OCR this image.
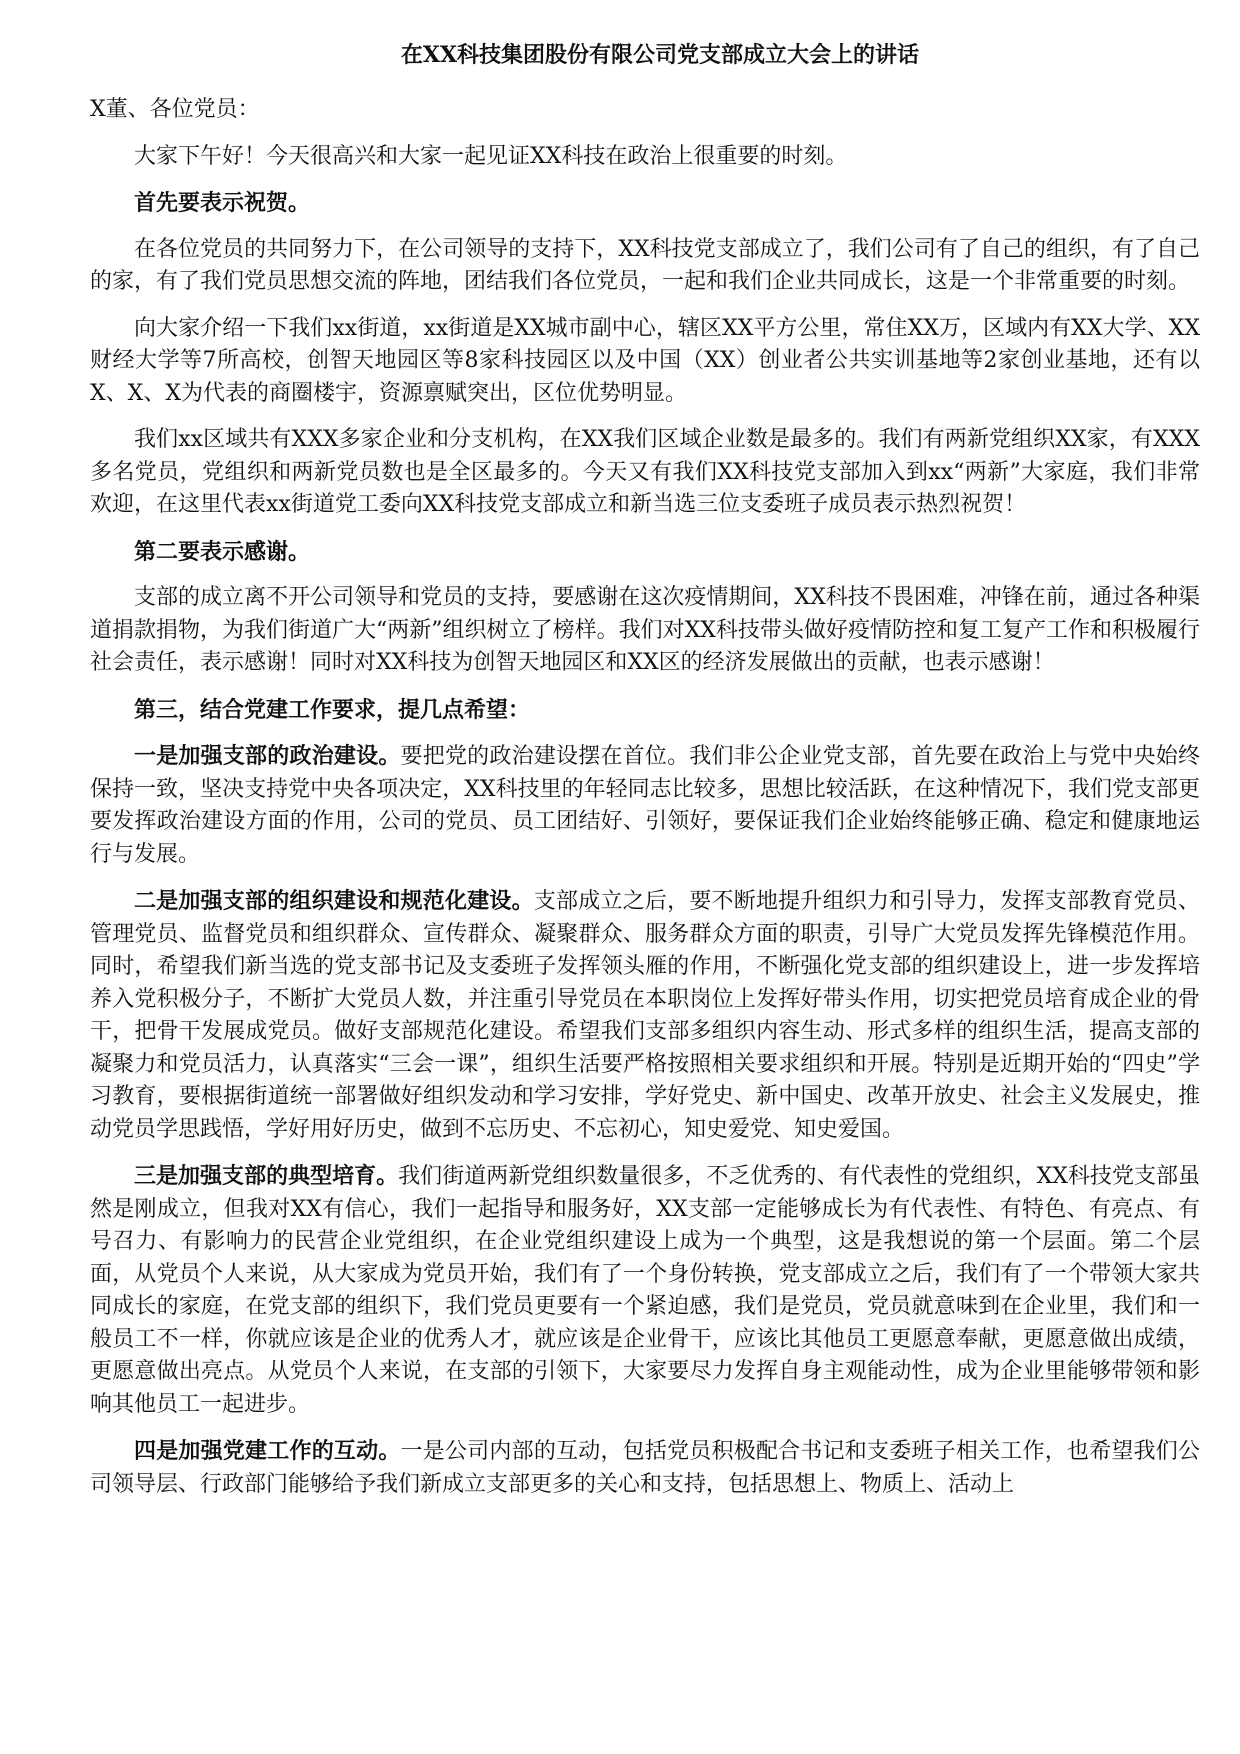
在XX科技集团股份有限公司党支部成立大会上的讲话
X董、各位党员：
大家下午好！今天很高兴和大家一起见证XX科技在政治上很重要的时刻。
首先要表示祝贺。
在各位党员的共同努力下，在公司领导的支持下，XX科技党支部成立了，我们公司有了自己的组织，有了自己的家，有了我们党员思想交流的阵地，团结我们各位党员，一起和我们企业共同成长，这是一个非常重要的时刻。
向大家介绍一下我们xx街道，xx街道是XX城市副中心，辖区XX平方公里，常住XX万，区域内有XX大学、XX财经大学等7所高校，创智天地园区等8家科技园区以及中国（XX）创业者公共实训基地等2家创业基地，还有以X、X、X为代表的商圈楼宇，资源禀赋突出，区位优势明显。
我们xx区域共有XXX多家企业和分支机构，在XX我们区域企业数是最多的。我们有两新党组织XX家，有XXX多名党员，党组织和两新党员数也是全区最多的。今天又有我们XX科技党支部加入到xx“两新”大家庭，我们非常欢迎，在这里代表xx街道党工委向XX科技党支部成立和新当选三位支委班子成员表示热烈祝贺！
第二要表示感谢。
支部的成立离不开公司领导和党员的支持，要感谢在这次疫情期间，XX科技不畏困难，冲锋在前，通过各种渠道捐款捐物，为我们街道广大“两新”组织树立了榜样。我们对XX科技带头做好疫情防控和复工复产工作和积极履行社会责任，表示感谢！同时对XX科技为创智天地园区和XX区的经济发展做出的贡献，也表示感谢！
第三，结合党建工作要求，提几点希望：
一是加强支部的政治建设。要把党的政治建设摆在首位。我们非公企业党支部，首先要在政治上与党中央始终保持一致，坚决支持党中央各项决定，XX科技里的年轻同志比较多，思想比较活跃，在这种情况下，我们党支部更要发挥政治建设方面的作用，公司的党员、员工团结好、引领好，要保证我们企业始终能够正确、稳定和健康地运行与发展。
二是加强支部的组织建设和规范化建设。支部成立之后，要不断地提升组织力和引导力，发挥支部教育党员、管理党员、监督党员和组织群众、宣传群众、凝聚群众、服务群众方面的职责，引导广大党员发挥先锋模范作用。同时，希望我们新当选的党支部书记及支委班子发挥领头雁的作用，不断强化党支部的组织建设上，进一步发挥培养入党积极分子，不断扩大党员人数，并注重引导党员在本职岗位上发挥好带头作用，切实把党员培育成企业的骨干，把骨干发展成党员。做好支部规范化建设。希望我们支部多组织内容生动、形式多样的组织生活，提高支部的凝聚力和党员活力，认真落实“三会一课”，组织生活要严格按照相关要求组织和开展。特别是近期开始的“四史”学习教育，要根据街道统一部署做好组织发动和学习安排，学好党史、新中国史、改革开放史、社会主义发展史，推动党员学思践悟，学好用好历史，做到不忘历史、不忘初心，知史爱党、知史爱国。
三是加强支部的典型培育。我们街道两新党组织数量很多，不乏优秀的、有代表性的党组织，XX科技党支部虽然是刚成立，但我对XX有信心，我们一起指导和服务好，XX支部一定能够成长为有代表性、有特色、有亮点、有号召力、有影响力的民营企业党组织，在企业党组织建设上成为一个典型，这是我想说的第一个层面。第二个层面，从党员个人来说，从大家成为党员开始，我们有了一个身份转换，党支部成立之后，我们有了一个带领大家共同成长的家庭，在党支部的组织下，我们党员更要有一个紧迫感，我们是党员，党员就意味到在企业里，我们和一般员工不一样，你就应该是企业的优秀人才，就应该是企业骨干，应该比其他员工更愿意奉献，更愿意做出成绩，更愿意做出亮点。从党员个人来说，在支部的引领下，大家要尽力发挥自身主观能动性，成为企业里能够带领和影响其他员工一起进步。
四是加强党建工作的互动。一是公司内部的互动，包括党员积极配合书记和支委班子相关工作，也希望我们公司领导层、行政部门能够给予我们新成立支部更多的关心和支持，包括思想上、物质上、活动上
